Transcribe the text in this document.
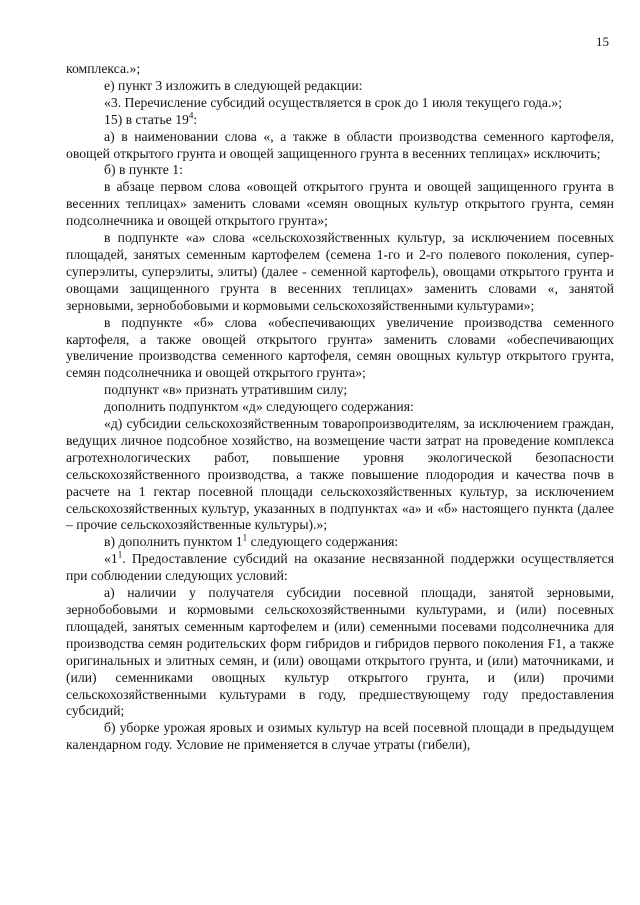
15

комплекса.»;

е) пункт 3 изложить в следующей редакции:

«3. Перечисление субсидий осуществляется в срок до 1 июля текущего года.»;

15) в статье $19^4$:

а) в наименовании слова «, а также в области производства семенного картофеля, овощей открытого грунта и овощей защищенного грунта в весенних теплицах» исключить;

б) в пункте 1:

в абзаце первом слова «овощей открытого грунта и овощей защищенного грунта в весенних теплицах» заменить словами «семян овощных культур открытого грунта, семян подсолнечника и овощей открытого грунта»;

в подпункте «а» слова «сельскохозяйственных культур, за исключением посевных площадей, занятых семенным картофелем (семена 1-го и 2-го полевого поколения, супер-суперэлиты, суперэлиты, элиты) (далее - семенной картофель), овощами открытого грунта и овощами защищенного грунта в весенних теплицах» заменить словами «, занятой зерновыми, зернобобовыми и кормовыми сельскохозяйственными культурами»;

в подпункте «б» слова «обеспечивающих увеличение производства семенного картофеля, а также овощей открытого грунта» заменить словами «обеспечивающих увеличение производства семенного картофеля, семян овощных культур открытого грунта, семян подсолнечника и овощей открытого грунта»;

подпункт «в» признать утратившим силу;

дополнить подпунктом «д» следующего содержания:

«д) субсидии сельскохозяйственным товаропроизводителям, за исключением граждан, ведущих личное подсобное хозяйство, на возмещение части затрат на проведение комплекса агротехнологических работ, повышение уровня экологической безопасности сельскохозяйственного производства, а также повышение плодородия и качества почв в расчете на 1 гектар посевной площади сельскохозяйственных культур, за исключением сельскохозяйственных культур, указанных в подпунктах «а» и «б» настоящего пункта (далее – прочие сельскохозяйственные культуры).»;

в) дополнить пунктом $1^1$ следующего содержания:

«$1^1$. Предоставление субсидий на оказание несвязанной поддержки осуществляется при соблюдении следующих условий:

а) наличии у получателя субсидии посевной площади, занятой зерновыми, зернобобовыми и кормовыми сельскохозяйственными культурами, и (или) посевных площадей, занятых семенным картофелем и (или) семенными посевами подсолнечника для производства семян родительских форм гибридов и гибридов первого поколения F1, а также оригинальных и элитных семян, и (или) овощами открытого грунта, и (или) маточниками, и (или) семенниками овощных культур открытого грунта, и (или) прочими сельскохозяйственными культурами в году, предшествующему году предоставления субсидий;

б) уборке урожая яровых и озимых культур на всей посевной площади в предыдущем календарном году. Условие не применяется в случае утраты (гибели),
